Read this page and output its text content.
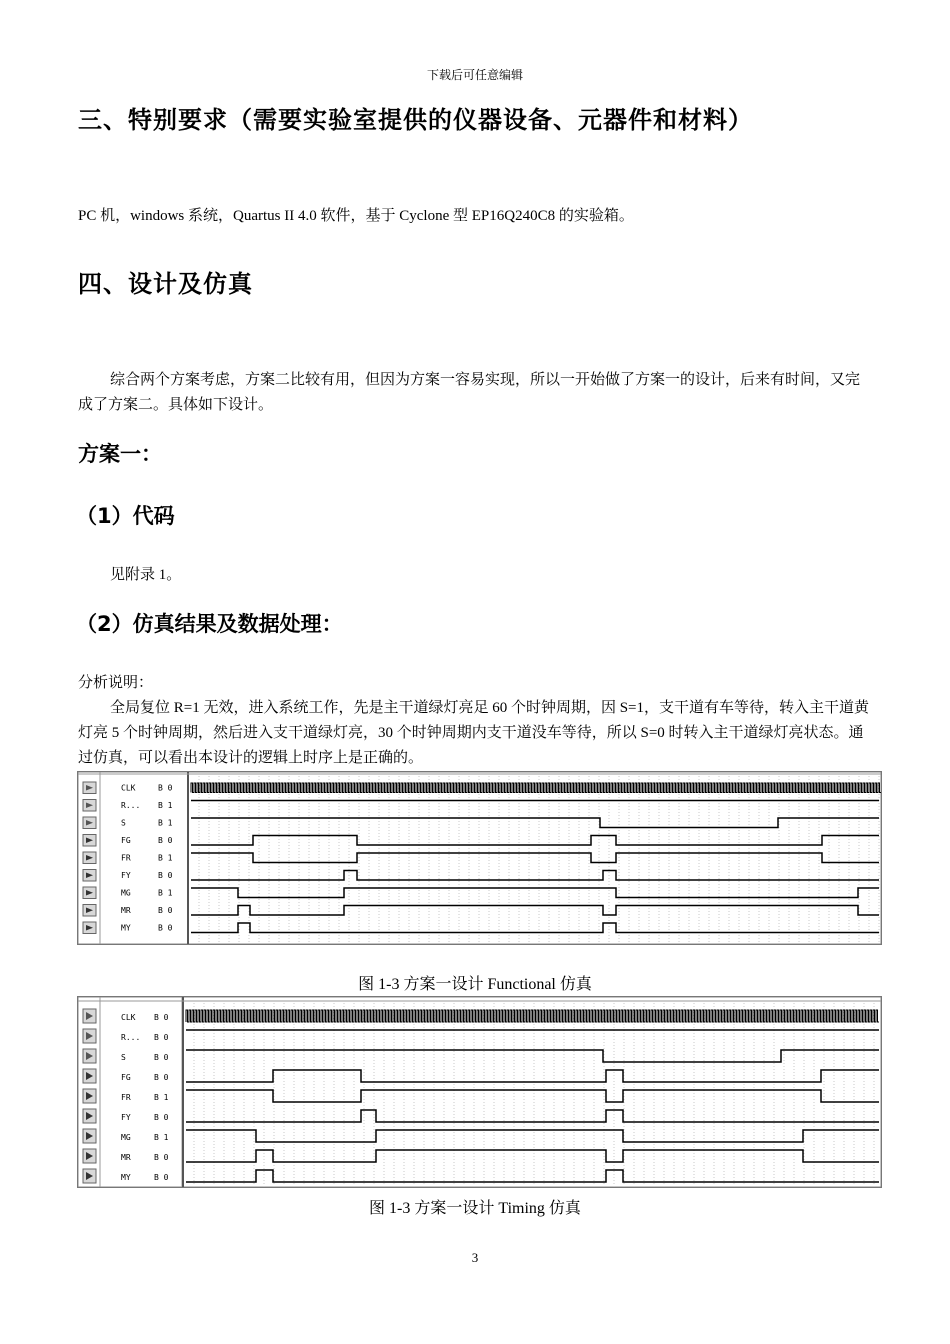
下载后可任意编辑
三、特别要求（需要实验室提供的仪器设备、元器件和材料）
PC 机，windows 系统，Quartus II 4.0 软件，基于 Cyclone 型 EP16Q240C8 的实验箱。
四、设计及仿真
综合两个方案考虑，方案二比较有用，但因为方案一容易实现，所以一开始做了方案一的设计，后来有时间，又完成了方案二。具体如下设计。
方案一：
（1）代码
见附录 1。
（2）仿真结果及数据处理：
分析说明：
全局复位 R=1 无效，进入系统工作，先是主干道绿灯亮足 60 个时钟周期，因 S=1，支干道有车等待，转入主干道黄灯亮 5 个时钟周期，然后进入支干道绿灯亮，30 个时钟周期内支干道没车等待，所以 S=0 时转入主干道绿灯亮状态。通过仿真，可以看出本设计的逻辑上时序上是正确的。
CLK	B 0
R... B 1
S	B 1
FG	B 0
FR	B 1
FY	B 0
MG	B 1
MR	B 0
MY	B 0
图 1-3 方案一设计 Functional 仿真
CLK B 0
R... B 0
S	B 0
FG	B 0
FR	B 1
FY	B 0
MG	B 1
MR	B 0
MY	B 0
图 1-3 方案一设计 Timing 仿真
3
